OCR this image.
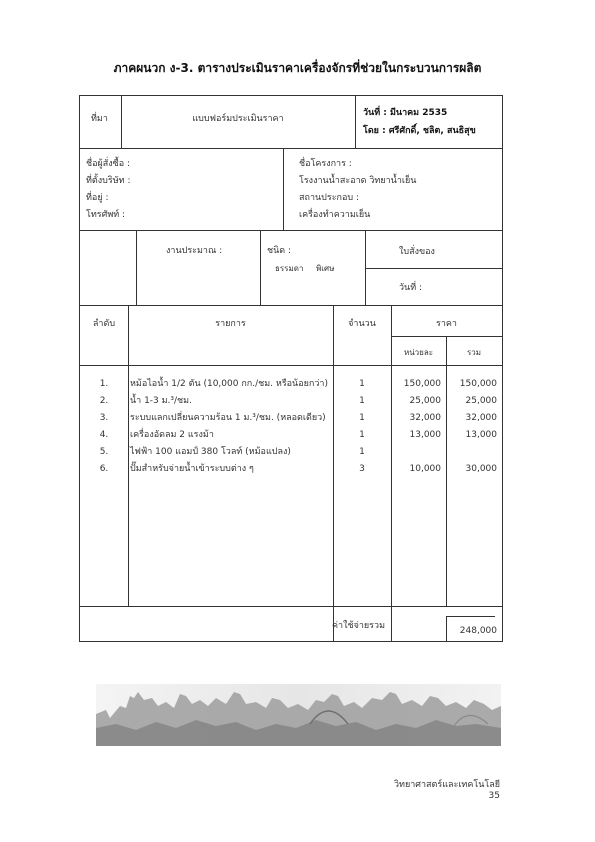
ภาคผนวก ง-3. ตารางประเมินราคาเครื่องจักรที่ช่วยในกระบวนการผลิต
ที่มา	แบบฟอร์มประเมินราคา
วันที่ : มีนาคม 2535
โดย : ศรีศักดิ์, ชลิต, สนธิสุข
ชื่อผู้สั่งซื้อ :
ที่ตั้งบริษัท :
ที่อยู่ :
โทรศัพท์ :
ชื่อโครงการ :
โรงงานน้ำสะอาด วิทยาน้ำเย็น
สถานประกอบ :
เครื่องทำความเย็น
งานประมาณ :	ชนิด :
ธรรมดา พิเศษ
ใบสั่งของ
วันที่ :
ลำดับ	รายการ	จำนวน	ราคา
หน่วยละ	รวม
1.	หม้อไอน้ำ 1/2 ตัน (10,000 กก./ชม. หรือน้อยกว่า)	1	150,000	150,000
2.	น้ำ 1-3 ม.³/ชม.	1	25,000	25,000
3.	ระบบแลกเปลี่ยนความร้อน 1 ม.³/ชม. (หลอดเดียว)	1	32,000	32,000
4.	เครื่องอัดลม 2 แรงม้า	1	13,000	13,000
5.	ไฟฟ้า 100 แอมป์ 380 โวลท์ (หม้อแปลง)	1
6.	ปั๊มสำหรับจ่ายน้ำเข้าระบบต่าง ๆ	3	10,000	30,000
ค่าใช้จ่ายรวม	248,000
วิทยาศาสตร์และเทคโนโลยี 35
